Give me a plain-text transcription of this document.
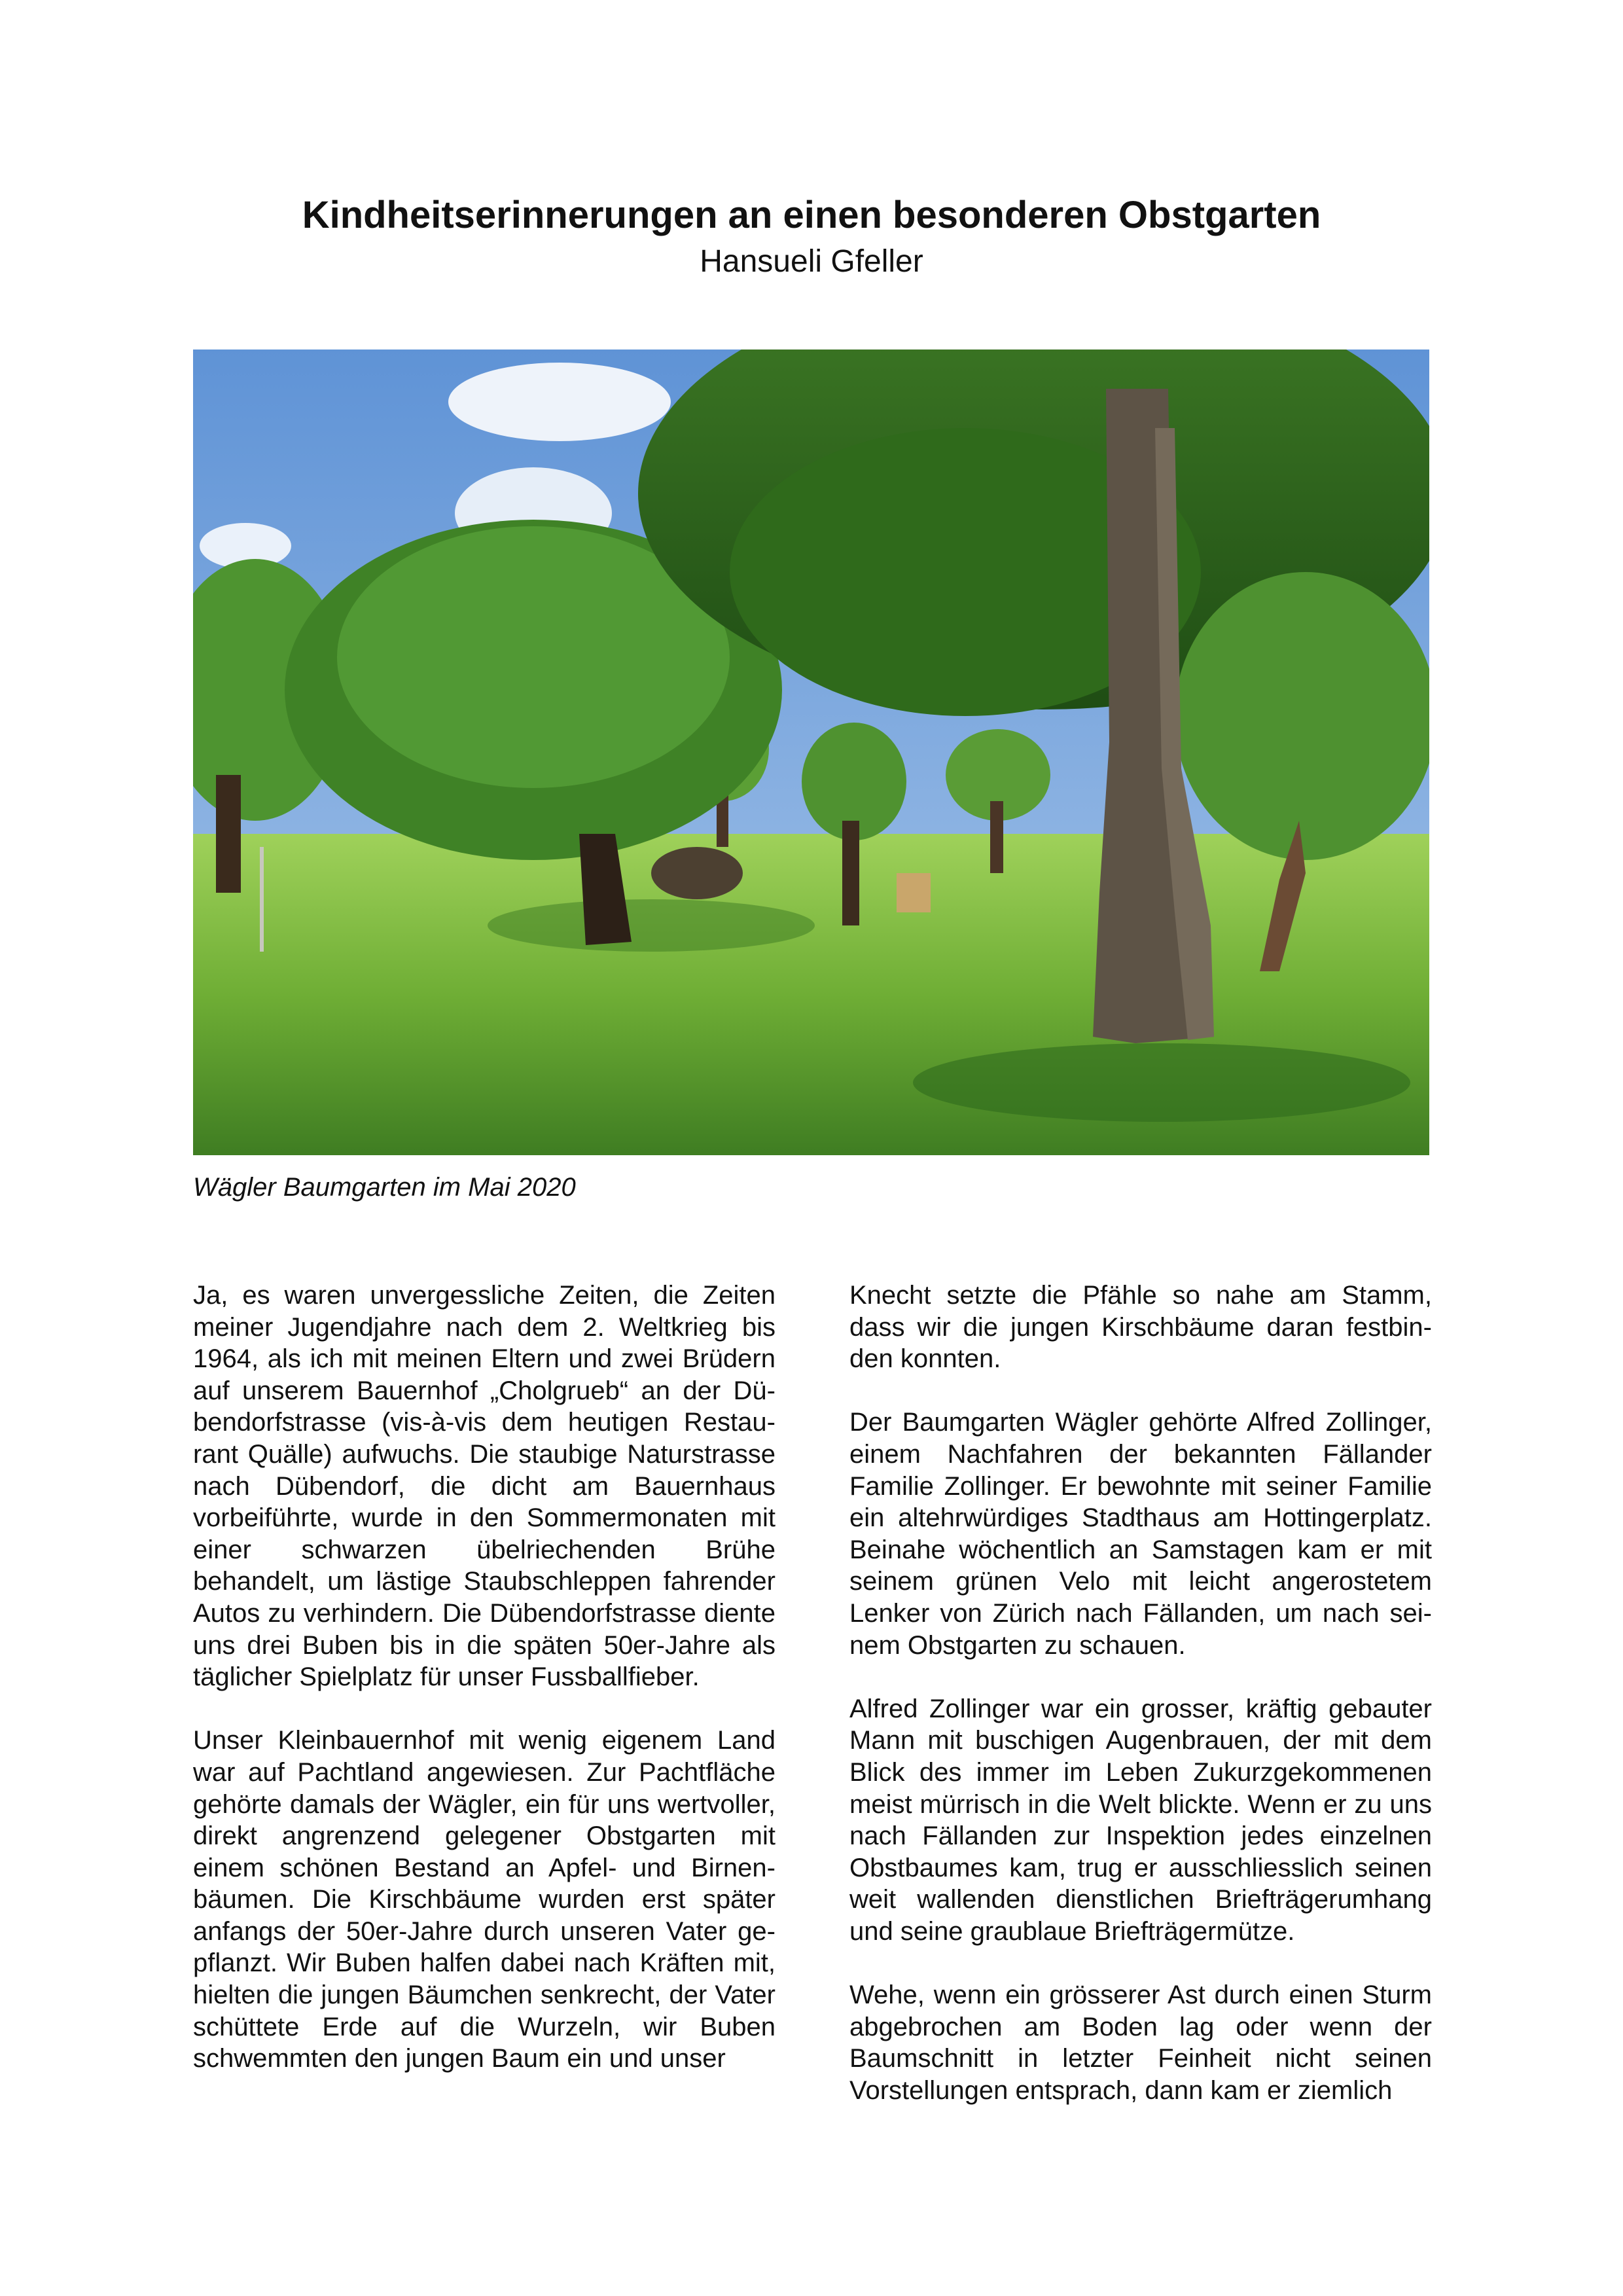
Kindheitserinnerungen an einen besonderen Obstgarten
Hansueli Gfeller
Wägler Baumgarten im Mai 2020

Ja, es waren unvergessliche Zeiten, die Zeiten meiner Jugendjahre nach dem 2. Weltkrieg bis 1964, als ich mit meinen Eltern und zwei Brüdern auf unserem Bauernhof „Cholgrueb“ an der Dübendorfstrasse (vis-à-vis dem heutigen Restaurant Quälle) aufwuchs. Die staubige Naturstrasse nach Dübendorf, die dicht am Bauernhaus vorbeiführte, wurde in den Sommermonaten mit einer schwarzen übelriechenden Brühe behandelt, um lästige Staubschleppen fahrender Autos zu verhindern. Die Dübendorfstrasse diente uns drei Buben bis in die späten 50er-Jahre als täglicher Spielplatz für unser Fussballfieber.

Unser Kleinbauernhof mit wenig eigenem Land war auf Pachtland angewiesen. Zur Pachtfläche gehörte damals der Wägler, ein für uns wertvoller, direkt angrenzend gelegener Obstgarten mit einem schönen Bestand an Apfel- und Birnenbäumen. Die Kirschbäume wurden erst später anfangs der 50er-Jahre durch unseren Vater gepflanzt. Wir Buben halfen dabei nach Kräften mit, hielten die jungen Bäumchen senkrecht, der Vater schüttete Erde auf die Wurzeln, wir Buben schwemmten den jungen Baum ein und unser

Knecht setzte die Pfähle so nahe am Stamm, dass wir die jungen Kirschbäume daran festbinden konnten.

Der Baumgarten Wägler gehörte Alfred Zollinger, einem Nachfahren der bekannten Fällander Familie Zollinger. Er bewohnte mit seiner Familie ein altehrwürdiges Stadthaus am Hottingerplatz. Beinahe wöchentlich an Samstagen kam er mit seinem grünen Velo mit leicht angerostetem Lenker von Zürich nach Fällanden, um nach seinem Obstgarten zu schauen.

Alfred Zollinger war ein grosser, kräftig gebauter Mann mit buschigen Augenbrauen, der mit dem Blick des immer im Leben Zukurzgekommenen meist mürrisch in die Welt blickte. Wenn er zu uns nach Fällanden zur Inspektion jedes einzelnen Obstbaumes kam, trug er ausschliesslich seinen weit wallenden dienstlichen Briefträgerumhang und seine graublaue Briefträgermütze.

Wehe, wenn ein grösserer Ast durch einen Sturm abgebrochen am Boden lag oder wenn der Baumschnitt in letzter Feinheit nicht seinen Vorstellungen entsprach, dann kam er ziemlich
